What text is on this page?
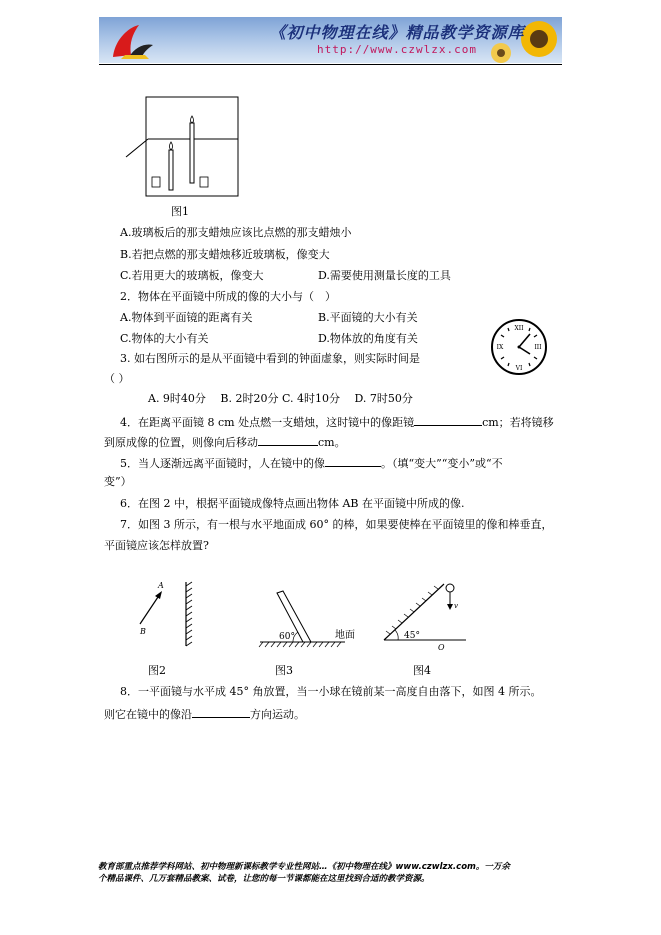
《初中物理在线》精品教学资源库
http://www.czwlzx.com
图1
A.玻璃板后的那支蜡烛应该比点燃的那支蜡烛小
B.若把点燃的那支蜡烛移近玻璃板，像变大
C.若用更大的玻璃板，像变大	D.需要使用测量长度的工具
2．物体在平面镜中所成的像的大小与（　）
A.物体到平面镜的距离有关	B.平面镜的大小有关
C.物体的大小有关	D.物体放的角度有关
XII
III
VI
IX
3. 如右图所示的是从平面镜中看到的钟面虚象，则实际时间是
（ ）
A. 9时40分　 B. 2时20分 C. 4时10分　 D. 7时50分
4．在距离平面镜 8 cm 处点燃一支蜡烛，这时镜中的像距镜	cm；若将镜移
到原成像的位置，则像向后移动	cm。
5．当人逐渐远离平面镜时，人在镜中的像	。（填“变大”“变小”或“不
变”）
6．在图 2 中，根据平面镜成像特点画出物体 AB 在平面镜中所成的像.
7．如图 3 所示，有一根与水平地面成 60° 的棒，如果要使棒在平面镜里的像和棒垂直，
平面镜应该怎样放置?
A
B
60°	地面	45°
v
O
图2	图3	图4
8．一平面镜与水平成 45° 角放置，当一小球在镜前某一高度自由落下，如图 4 所示。
则它在镜中的像沿	方向运动。
教育部重点推荐学科网站、初中物理新课标教学专业性网站…《初中物理在线》www.czwlzx.com。一万余
个精品课件、几万套精品教案、试卷，让您的每一节课都能在这里找到合适的教学资源。
